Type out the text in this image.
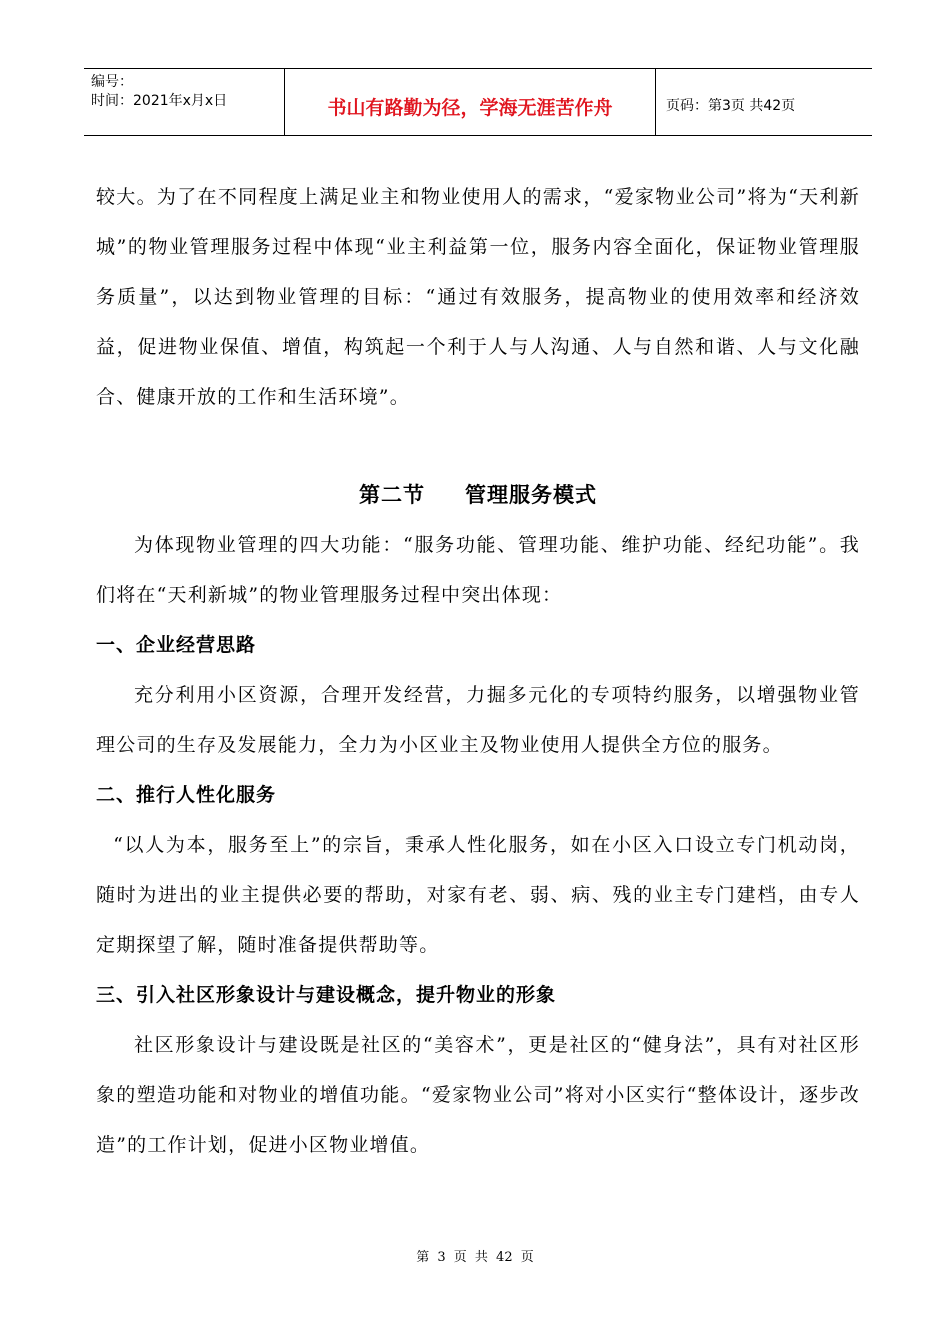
编号：
时间：2021年x月x日	书山有路勤为径，学海无涯苦作舟	页码：第3页 共42页

较大。为了在不同程度上满足业主和物业使用人的需求，“爱家物业公司”将为“天利新城”的物业管理服务过程中体现“业主利益第一位，服务内容全面化，保证物业管理服务质量”，以达到物业管理的目标：“通过有效服务，提高物业的使用效率和经济效益，促进物业保值、增值，构筑起一个利于人与人沟通、人与自然和谐、人与文化融合、健康开放的工作和生活环境”。

第二节 管理服务模式

为体现物业管理的四大功能：“服务功能、管理功能、维护功能、经纪功能”。我们将在“天利新城”的物业管理服务过程中突出体现：

一、企业经营思路

充分利用小区资源，合理开发经营，力掘多元化的专项特约服务，以增强物业管理公司的生存及发展能力，全力为小区业主及物业使用人提供全方位的服务。

二、推行人性化服务

“以人为本，服务至上”的宗旨，秉承人性化服务，如在小区入口设立专门机动岗，随时为进出的业主提供必要的帮助，对家有老、弱、病、残的业主专门建档，由专人定期探望了解，随时准备提供帮助等。

三、引入社区形象设计与建设概念，提升物业的形象

社区形象设计与建设既是社区的“美容术”，更是社区的“健身法”，具有对社区形象的塑造功能和对物业的增值功能。“爱家物业公司”将对小区实行“整体设计，逐步改造”的工作计划，促进小区物业增值。

第 3 页 共 42 页
